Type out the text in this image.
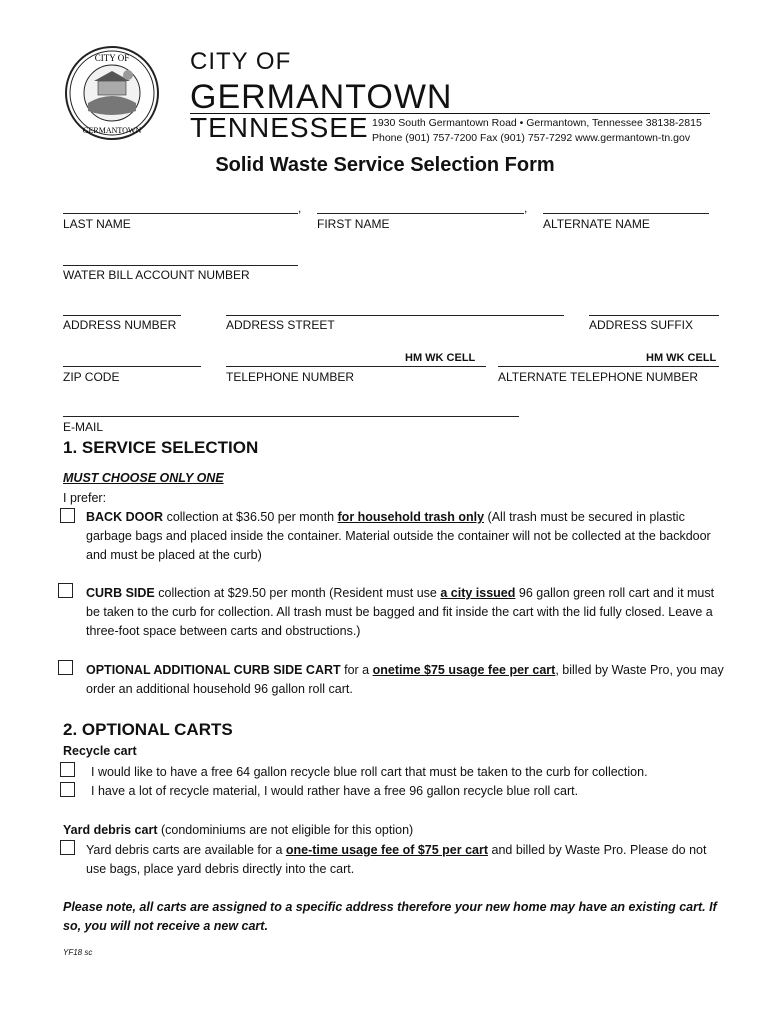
CITY OF
GERMANTOWN
CITY OF
GERMANTOWN
TENNESSEE 1930 South Germantown Road • Germantown, Tennessee 38138-2815
Phone (901) 757-7200 Fax (901) 757-7292 www.germantown-tn.gov
Solid Waste Service Selection Form
,	,
LAST NAME	FIRST NAME	ALTERNATE NAME
WATER BILL ACCOUNT NUMBER
ADDRESS NUMBER	ADDRESS STREET	ADDRESS SUFFIX
HM WK CELL	HM WK CELL
ZIP CODE	TELEPHONE NUMBER	ALTERNATE TELEPHONE NUMBER
E-MAIL
1. SERVICE SELECTION
MUST CHOOSE ONLY ONE
I prefer:
BACK DOOR collection at $36.50 per month for household trash only (All trash must be secured in plastic garbage bags and placed inside the container. Material outside the container will not be collected at the backdoor and must be placed at the curb)
CURB SIDE collection at $29.50 per month (Resident must use a city issued 96 gallon green roll cart and it must be taken to the curb for collection. All trash must be bagged and fit inside the cart with the lid fully closed. Leave a three-foot space between carts and obstructions.)
OPTIONAL ADDITIONAL CURB SIDE CART for a onetime $75 usage fee per cart, billed by Waste Pro, you may order an additional household 96 gallon roll cart.
2. OPTIONAL CARTS
Recycle cart
I would like to have a free 64 gallon recycle blue roll cart that must be taken to the curb for collection.
I have a lot of recycle material, I would rather have a free 96 gallon recycle blue roll cart.
Yard debris cart (condominiums are not eligible for this option)
Yard debris carts are available for a one-time usage fee of $75 per cart and billed by Waste Pro. Please do not use bags, place yard debris directly into the cart.
Please note, all carts are assigned to a specific address therefore your new home may have an existing cart. If so, you will not receive a new cart.
YF18 sc
